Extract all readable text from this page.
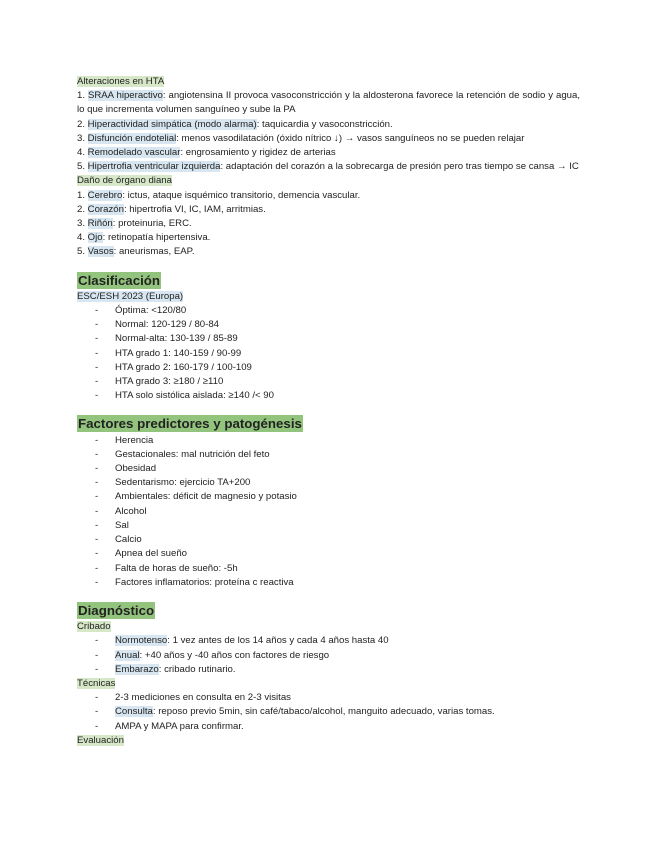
Alteraciones en HTA
1. SRAA hiperactivo: angiotensina II provoca vasoconstricción y la aldosterona favorece la retención de sodio y agua, lo que incrementa volumen sanguíneo y sube la PA
2. Hiperactividad simpática (modo alarma): taquicardia y vasoconstricción.
3. Disfunción endotelial: menos vasodilatación (óxido nítrico ↓) → vasos sanguíneos no se pueden relajar
4. Remodelado vascular: engrosamiento y rigidez de arterias
5. Hipertrofia ventricular izquierda: adaptación del corazón a la sobrecarga de presión pero tras tiempo se cansa → IC
Daño de órgano diana
1. Cerebro: ictus, ataque isquémico transitorio, demencia vascular.
2. Corazón: hipertrofia VI, IC, IAM, arritmias.
3. Riñón: proteinuria, ERC.
4. Ojo: retinopatía hipertensiva.
5. Vasos: aneurismas, EAP.
Clasificación
ESC/ESH 2023 (Europa)
- Óptima: <120/80
- Normal: 120-129 / 80-84
- Normal-alta: 130-139 / 85-89
- HTA grado 1: 140-159 / 90-99
- HTA grado 2: 160-179 / 100-109
- HTA grado 3: ≥180 / ≥110
- HTA solo sistólica aislada: ≥140 /< 90
Factores predictores y patogénesis
- Herencia
- Gestacionales: mal nutrición del feto
- Obesidad
- Sedentarismo: ejercicio TA+200
- Ambientales: déficit de magnesio y potasio
- Alcohol
- Sal
- Calcio
- Apnea del sueño
- Falta de horas de sueño: -5h
- Factores inflamatorios: proteína c reactiva
Diagnóstico
Cribado
- Normotenso: 1 vez antes de los 14 años y cada 4 años hasta 40
- Anual: +40 años y -40 años con factores de riesgo
- Embarazo: cribado rutinario.
Técnicas
- 2-3 mediciones en consulta en 2-3 visitas
- Consulta: reposo previo 5min, sin café/tabaco/alcohol, manguito adecuado, varias tomas.
- AMPA y MAPA para confirmar.
Evaluación
